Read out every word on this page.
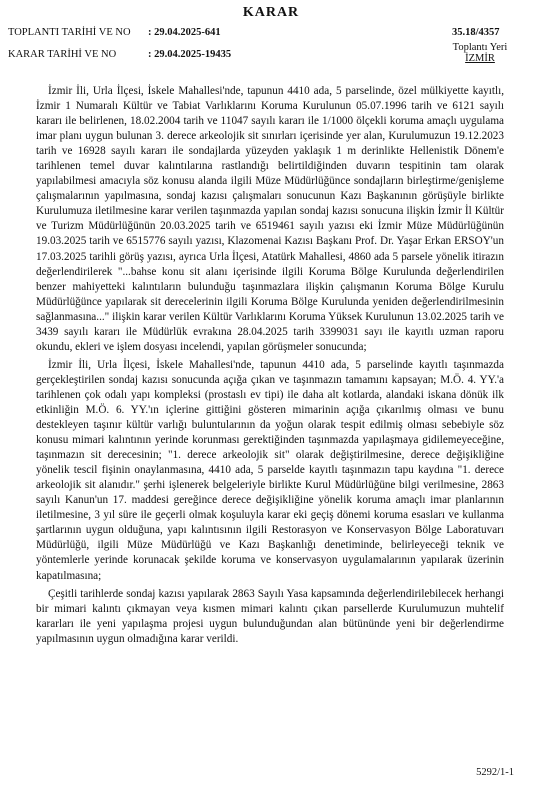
KARAR
TOPLANTI TARİHİ VE NO : 29.04.2025-641
KARAR TARİHİ VE NO	: 29.04.2025-19435
35.18/4357
Toplantı Yeri
İZMİR

İzmir İli, Urla İlçesi, İskele Mahallesi'nde, tapunun 4410 ada, 5 parselinde, özel mülkiyette kayıtlı, İzmir 1 Numaralı Kültür ve Tabiat Varlıklarını Koruma Kurulunun 05.07.1996 tarih ve 6121 sayılı kararı ile belirlenen, 18.02.2004 tarih ve 11047 sayılı kararı ile 1/1000 ölçekli koruma amaçlı uygulama imar planı uygun bulunan 3. derece arkeolojik sit sınırları içerisinde yer alan, Kurulumuzun 19.12.2023 tarih ve 16928 sayılı kararı ile sondajlarda yüzeyden yaklaşık 1 m derinlikte Hellenistik Dönem'e tarihlenen temel duvar kalıntılarına rastlandığı belirtildiğinden duvarın tespitinin tam olarak yapılabilmesi amacıyla söz konusu alanda ilgili Müze Müdürlüğünce sondajların birleştirme/genişleme çalışmalarının yapılmasına, sondaj kazısı çalışmaları sonucunun Kazı Başkanının görüşüyle birlikte Kurulumuza iletilmesine karar verilen taşınmazda yapılan sondaj kazısı sonucuna ilişkin İzmir İl Kültür ve Turizm Müdürlüğünün 20.03.2025 tarih ve 6519461 sayılı yazısı eki İzmir Müze Müdürlüğünün 19.03.2025 tarih ve 6515776 sayılı yazısı, Klazomenai Kazısı Başkanı Prof. Dr. Yaşar Erkan ERSOY'un 17.03.2025 tarihli görüş yazısı, ayrıca Urla İlçesi, Atatürk Mahallesi, 4860 ada 5 parsele yönelik itirazın değerlendirilerek "...bahse konu sit alanı içerisinde ilgili Koruma Bölge Kurulunda değerlendirilen benzer mahiyetteki kalıntıların bulunduğu taşınmazlara ilişkin çalışmanın Koruma Bölge Kurulu Müdürlüğünce yapılarak sit derecelerinin ilgili Koruma Bölge Kurulunda yeniden değerlendirilmesinin sağlanmasına..." ilişkin karar verilen Kültür Varlıklarını Koruma Yüksek Kurulunun 13.02.2025 tarih ve 3439 sayılı kararı ile Müdürlük evrakına 28.04.2025 tarih 3399031 sayı ile kayıtlı uzman raporu okundu, ekleri ve işlem dosyası incelendi, yapılan görüşmeler sonucunda;

İzmir İli, Urla İlçesi, İskele Mahallesi'nde, tapunun 4410 ada, 5 parselinde kayıtlı taşınmazda gerçekleştirilen sondaj kazısı sonucunda açığa çıkan ve taşınmazın tamamını kapsayan; M.Ö. 4. YY.'a tarihlenen çok odalı yapı kompleksi (prostaslı ev tipi) ile daha alt kotlarda, alandaki iskana dönük ilk etkinliğin M.Ö. 6. YY.'ın içlerine gittiğini gösteren mimarinin açığa çıkarılmış olması ve bunu destekleyen taşınır kültür varlığı buluntularının da yoğun olarak tespit edilmiş olması sebebiyle söz konusu mimari kalıntının yerinde korunması gerektiğinden taşınmazda yapılaşmaya gidilemeyeceğine, taşınmazın sit derecesinin; "1. derece arkeolojik sit" olarak değiştirilmesine, derece değişikliğine yönelik tescil fişinin onaylanmasına, 4410 ada, 5 parselde kayıtlı taşınmazın tapu kaydına "1. derece arkeolojik sit alanıdır." şerhi işlenerek belgeleriyle birlikte Kurul Müdürlüğüne bilgi verilmesine, 2863 sayılı Kanun'un 17. maddesi gereğince derece değişikliğine yönelik koruma amaçlı imar planlarının iletilmesine, 3 yıl süre ile geçerli olmak koşuluyla karar eki geçiş dönemi koruma esasları ve kullanma şartlarının uygun olduğuna, yapı kalıntısının ilgili Restorasyon ve Konservasyon Bölge Laboratuvarı Müdürlüğü, ilgili Müze Müdürlüğü ve Kazı Başkanlığı denetiminde, belirleyeceği teknik ve yöntemlerle yerinde korunacak şekilde koruma ve konservasyon uygulamalarının yapılarak üzerinin kapatılmasına;

Çeşitli tarihlerde sondaj kazısı yapılarak 2863 Sayılı Yasa kapsamında değerlendirilebilecek herhangi bir mimari kalıntı çıkmayan veya kısmen mimari kalıntı çıkan parsellerde Kurulumuzun muhtelif kararları ile yeni yapılaşma projesi uygun bulunduğundan alan bütününde yeni bir değerlendirme yapılmasının uygun olmadığına karar verildi.

5292/1-1
